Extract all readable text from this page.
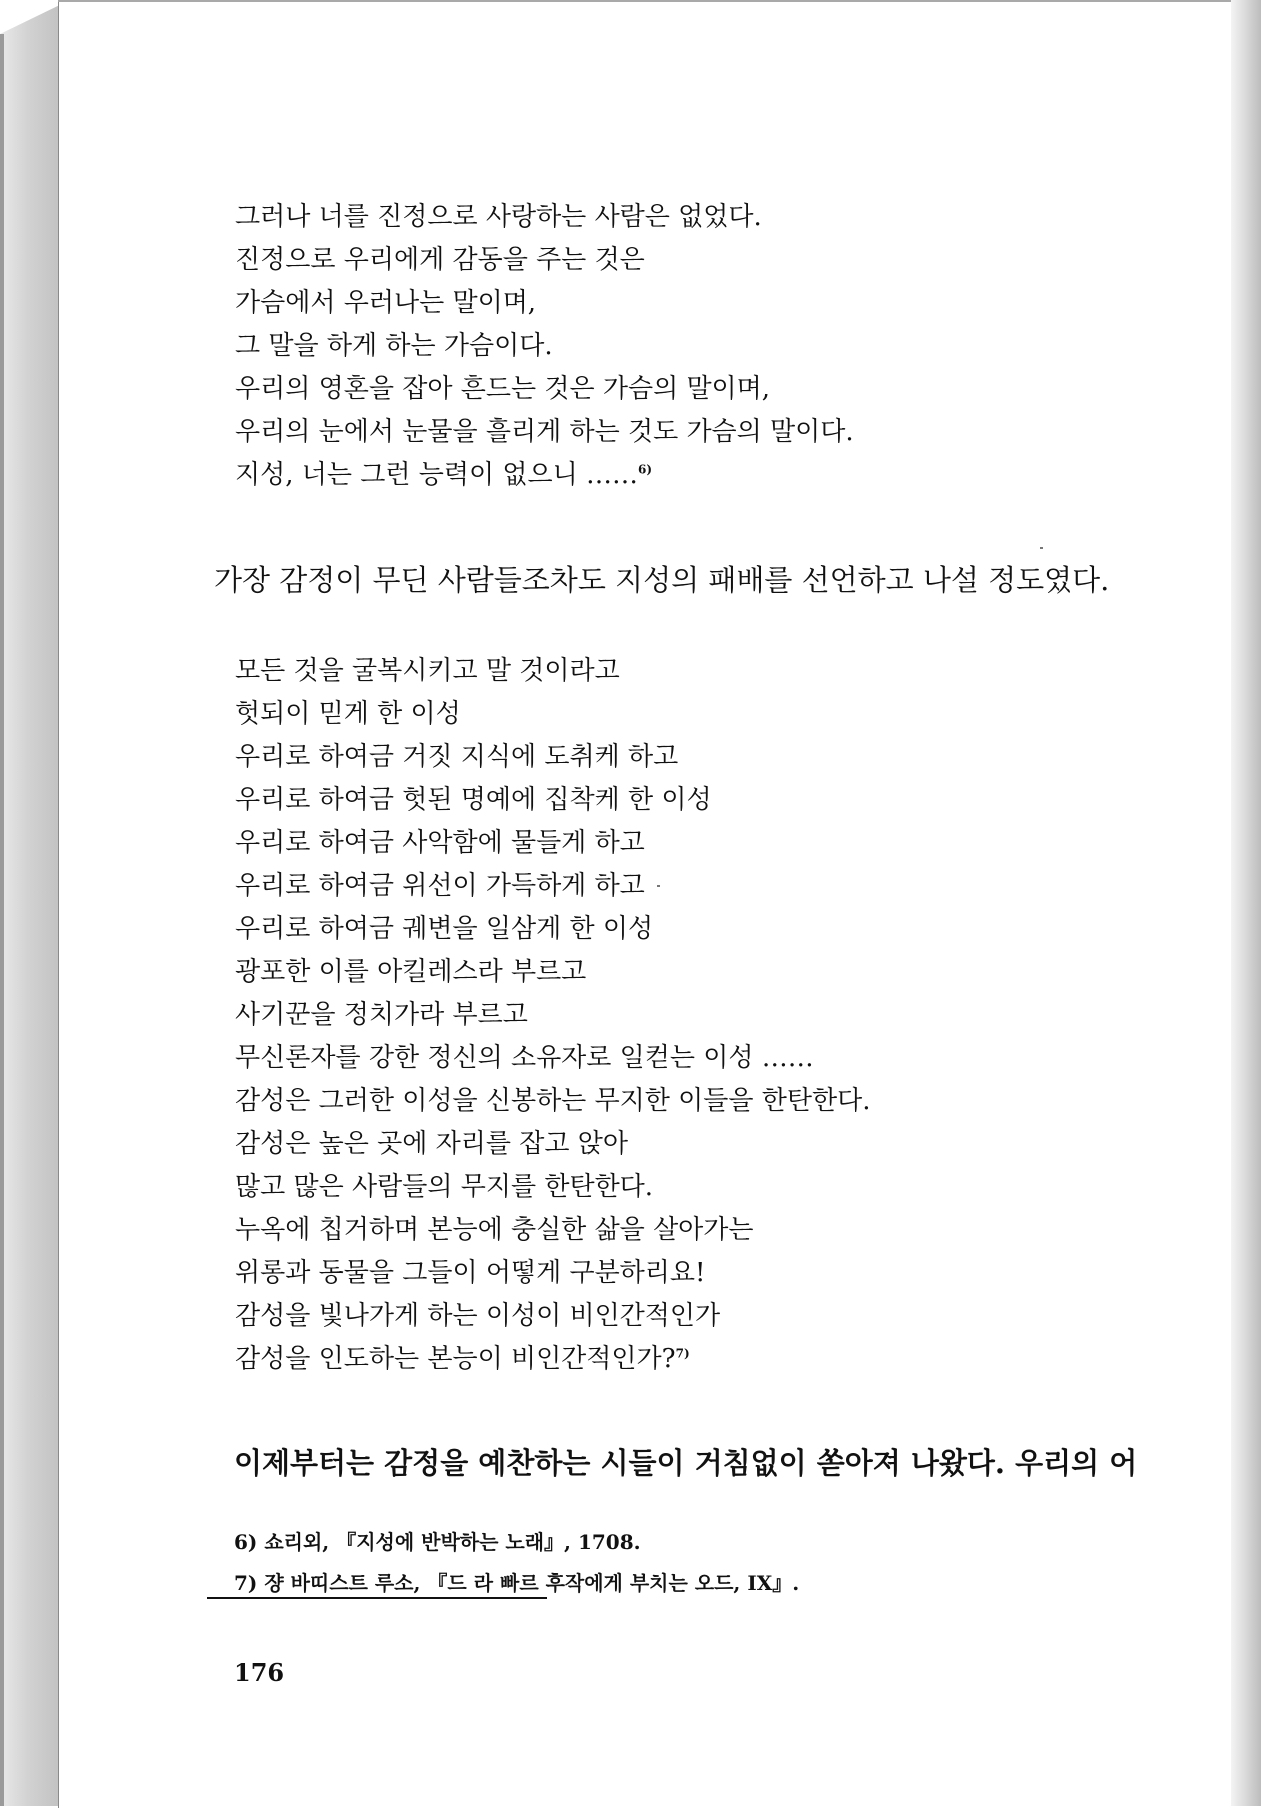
그러나 너를 진정으로 사랑하는 사람은 없었다.
진정으로 우리에게 감동을 주는 것은
가슴에서 우러나는 말이며,
그 말을 하게 하는 가슴이다.
우리의 영혼을 잡아 흔드는 것은 가슴의 말이며,
우리의 눈에서 눈물을 흘리게 하는 것도 가슴의 말이다.
지성, 너는 그런 능력이 없으니 ……$^{6)}$
가장 감정이 무딘 사람들조차도 지성의 패배를 선언하고 나설 정도였다.
모든 것을 굴복시키고 말 것이라고
헛되이 믿게 한 이성
우리로 하여금 거짓 지식에 도취케 하고
우리로 하여금 헛된 명예에 집착케 한 이성
우리로 하여금 사악함에 물들게 하고
우리로 하여금 위선이 가득하게 하고
우리로 하여금 궤변을 일삼게 한 이성
광포한 이를 아킬레스라 부르고
사기꾼을 정치가라 부르고
무신론자를 강한 정신의 소유자로 일컫는 이성 ……
감성은 그러한 이성을 신봉하는 무지한 이들을 한탄한다.
감성은 높은 곳에 자리를 잡고 앉아
많고 많은 사람들의 무지를 한탄한다.
누옥에 칩거하며 본능에 충실한 삶을 살아가는
위롱과 동물을 그들이 어떻게 구분하리요!
감성을 빛나가게 하는 이성이 비인간적인가
감성을 인도하는 본능이 비인간적인가?$^{7)}$
이제부터는 감정을 예찬하는 시들이 거침없이 쏟아져 나왔다. 우리의 어
6) 쇼리외, 『지성에 반박하는 노래』, 1708.
7) 쟝 바띠스트 루소, 『드 라 빠르 후작에게 부치는 오드, IX』.
176
